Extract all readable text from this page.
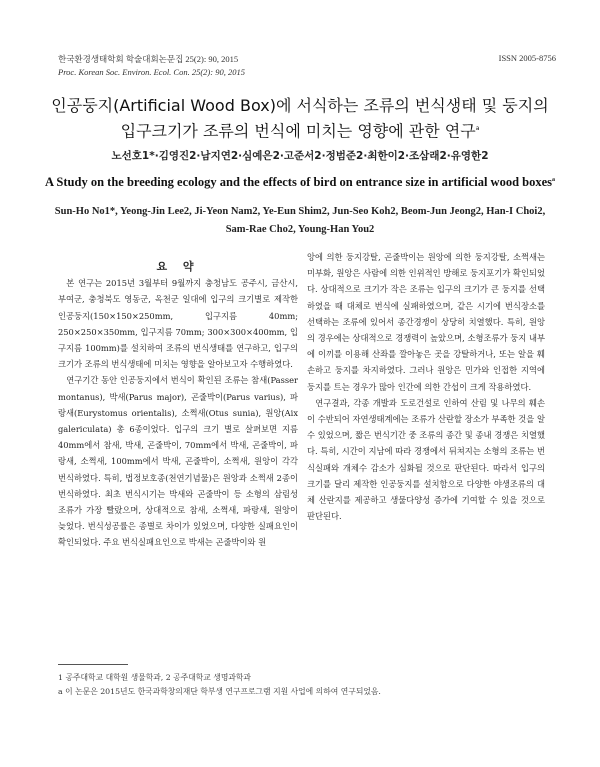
한국환경생태학회 학술대회논문집 25(2): 90, 2015
Proc. Korean Soc. Environ. Ecol. Con. 25(2): 90, 2015
ISSN 2005-8756
인공둥지(Artificial Wood Box)에 서식하는 조류의 번식생태 및 둥지의
입구크기가 조류의 번식에 미치는 영향에 관한 연구$^a$
노선호1*·김영진2·남지연2·심예은2·고준서2·정범준2·최한이2·조삼래2·유영한2
A Study on the breeding ecology and the effects of bird on entrance size in artificial wood boxes$^a$
Sun-Ho No1*, Yeong-Jin Lee2, Ji-Yeon Nam2, Ye-Eun Shim2, Jun-Seo Koh2, Beom-Jun Jeong2, Han-I Choi2,
Sam-Rae Cho2, Young-Han You2

요 약

본 연구는 2015년 3월부터 9월까지 충청남도 공주시, 금산시, 부여군, 충청북도 영동군, 옥천군 일대에 입구의 크기별로 제작한 인공둥지(150×150×250mm, 입구지름 40mm; 250×250×350mm, 입구지름 70mm; 300×300×400mm, 입구지름 100mm)를 설치하여 조류의 번식생태를 연구하고, 입구의 크기가 조류의 번식생태에 미치는 영향을 알아보고자 수행하였다.

연구기간 동안 인공둥지에서 번식이 확인된 조류는 참새(Passer montanus), 박새(Parus major), 곤줄박이(Parus varius), 파랑새(Eurystomus orientalis), 소쩍새(Otus sunia), 원앙(Aix galericulata) 총 6종이었다. 입구의 크기 별로 살펴보면 지름 40mm에서 참새, 박새, 곤줄박이, 70mm에서 박새, 곤줄박이, 파랑새, 소쩍새, 100mm에서 박새, 곤줄박이, 소쩍새, 원앙이 각각 번식하였다. 특히, 법정보호종(천연기념물)은 원앙과 소쩍새 2종이 번식하였다. 최초 번식시기는 박새와 곤줄박이 등 소형의 삼림성 조류가 가장 빨랐으며, 상대적으로 참새, 소쩍새, 파랑새, 원앙이 늦었다. 번식성공률은 종별로 차이가 있었으며, 다양한 실패요인이 확인되었다. 주요 번식실패요인으로 박새는 곤줄박이와 원

앙에 의한 둥지강탈, 곤줄박이는 원앙에 의한 둥지강탈, 소쩍새는 미부화, 원앙은 사람에 의한 인위적인 방해로 둥지포기가 확인되었다. 상대적으로 크기가 작은 조류는 입구의 크기가 큰 둥지를 선택하였을 때 대체로 번식에 실패하였으며, 같은 시기에 번식장소를 선택하는 조류에 있어서 종간경쟁이 상당히 치열했다. 특히, 원앙의 경우에는 상대적으로 경쟁력이 높았으며, 소형조류가 둥지 내부에 이끼를 이용해 산좌를 깔아놓은 곳을 강탈하거나, 또는 알을 훼손하고 둥지를 차지하였다. 그러나 원앙은 민가와 인접한 지역에 둥지를 트는 경우가 많아 인간에 의한 간섭이 크게 작용하였다.

연구결과, 각종 개발과 도로건설로 인하여 산림 및 나무의 훼손이 수반되어 자연생태계에는 조류가 산란할 장소가 부족한 것을 알 수 있었으며, 짧은 번식기간 중 조류의 종간 및 종내 경쟁은 치열했다. 특히, 시간이 지남에 따라 경쟁에서 뒤쳐지는 소형의 조류는 번식실패와 개체수 감소가 심화될 것으로 판단된다. 따라서 입구의 크기를 달리 제작한 인공둥지를 설치함으로 다양한 야생조류의 대체 산란지를 제공하고 생물다양성 증가에 기여할 수 있을 것으로 판단된다.

1 공주대학교 대학원 생물학과, 2 공주대학교 생명과학과
a 이 논문은 2015년도 한국과학창의재단 학부생 연구프로그램 지원 사업에 의하여 연구되었음.
